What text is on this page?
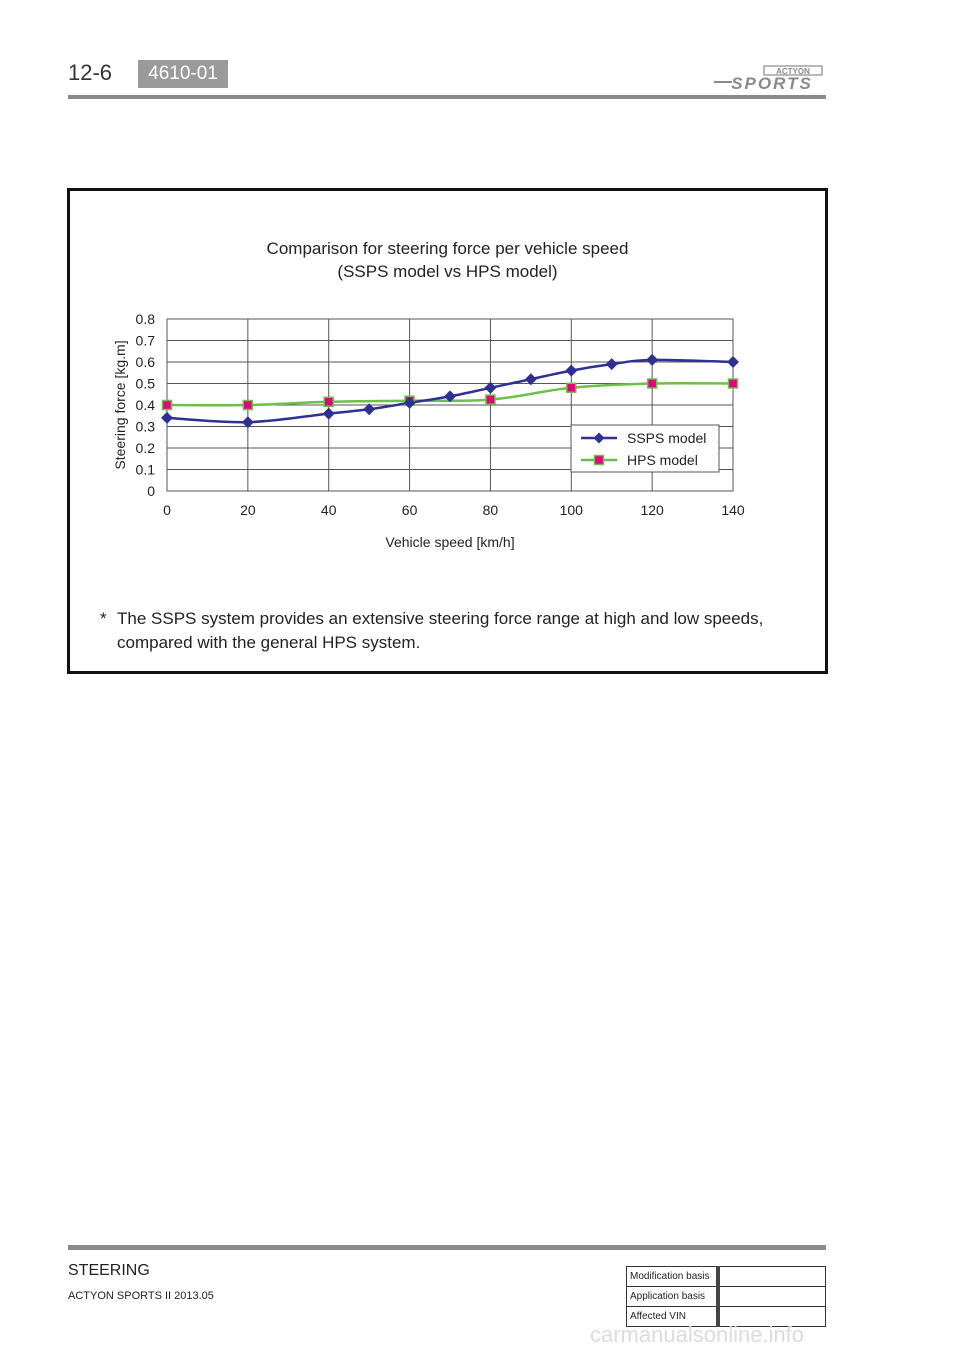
12-6	4610-01	ACTYON
SPORTS
Comparison for steering force per vehicle speed
(SSPS model vs HPS model)
0
0.1
0.2
0.3
0.4
0.5
0.6
0.7
0.8
0	20	40	60	80	100	120	140
Vehicle speed [km/h]
Steering force [kg.m]	SSPS model
HPS model
* The SSPS system provides an extensive steering force range at high and low speeds, compared with the general HPS system.
STEERING
ACTYON SPORTS II 2013.05
Modification basis	
Application basis	
Affected VIN	
carmanualsonline.info
